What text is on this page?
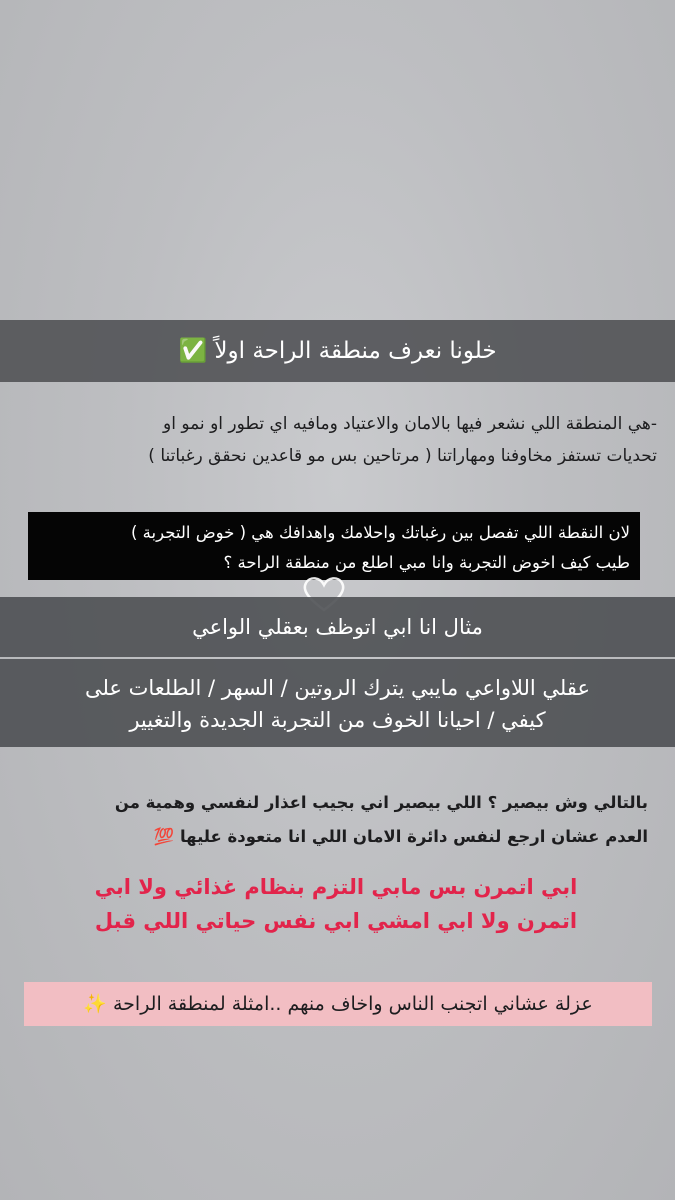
خلونا نعرف منطقة الراحة اولاً ✅
-هي المنطقة اللي نشعر فيها بالامان والاعتياد ومافيه اي تطور او نمو او
تحديات تستفز مخاوفنا ومهاراتنا ( مرتاحين بس مو قاعدين نحقق رغباتنا )
لان النقطة اللي تفصل بين رغباتك واحلامك واهدافك هي ( خوض التجربة )
طيب كيف اخوض التجربة وانا مبي اطلع من منطقة الراحة ؟
مثال انا ابي اتوظف بعقلي الواعي
عقلي اللاواعي مايبي يترك الروتين / السهر / الطلعات على
كيفي / احيانا الخوف من التجربة الجديدة والتغيير
بالتالي وش بيصير ؟ اللي بيصير اني بجيب اعذار لنفسي وهمية من
العدم عشان ارجع لنفس دائرة الامان اللي انا متعودة عليها 💯
ابي اتمرن بس مابي التزم بنظام غذائي ولا ابي
اتمرن ولا ابي امشي ابي نفس حياتي اللي قبل
عزلة عشاني اتجنب الناس واخاف منهم ..امثلة لمنطقة الراحة ✨
